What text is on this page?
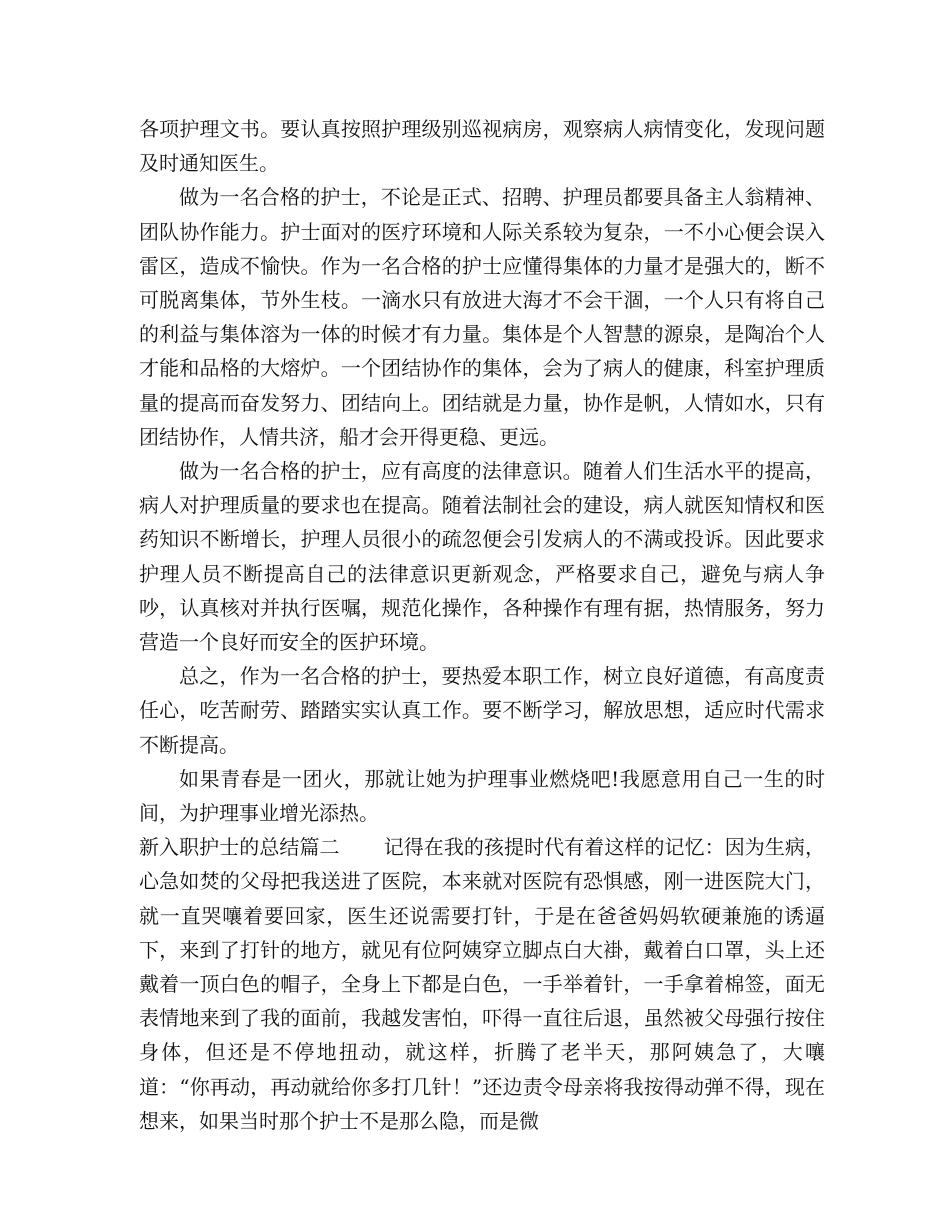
各项护理文书。要认真按照护理级别巡视病房，观察病人病情变化，发现问题及时通知医生。

做为一名合格的护士，不论是正式、招聘、护理员都要具备主人翁精神、团队协作能力。护士面对的医疗环境和人际关系较为复杂，一不小心便会误入雷区，造成不愉快。作为一名合格的护士应懂得集体的力量才是强大的，断不可脱离集体，节外生枝。一滴水只有放进大海才不会干涸，一个人只有将自己的利益与集体溶为一体的时候才有力量。集体是个人智慧的源泉，是陶冶个人才能和品格的大熔炉。一个团结协作的集体，会为了病人的健康，科室护理质量的提高而奋发努力、团结向上。团结就是力量，协作是帆，人情如水，只有团结协作，人情共济，船才会开得更稳、更远。

做为一名合格的护士，应有高度的法律意识。随着人们生活水平的提高，病人对护理质量的要求也在提高。随着法制社会的建设，病人就医知情权和医药知识不断增长，护理人员很小的疏忽便会引发病人的不满或投诉。因此要求护理人员不断提高自己的法律意识更新观念，严格要求自己，避免与病人争吵，认真核对并执行医嘱，规范化操作，各种操作有理有据，热情服务，努力营造一个良好而安全的医护环境。

总之，作为一名合格的护士，要热爱本职工作，树立良好道德，有高度责任心，吃苦耐劳、踏踏实实认真工作。要不断学习，解放思想，适应时代需求不断提高。

如果青春是一团火，那就让她为护理事业燃烧吧!我愿意用自己一生的时间，为护理事业增光添热。

新入职护士的总结篇二 记得在我的孩提时代有着这样的记忆：因为生病，心急如焚的父母把我送进了医院，本来就对医院有恐惧感，刚一进医院大门，就一直哭嚷着要回家，医生还说需要打针，于是在爸爸妈妈软硬兼施的诱逼下，来到了打针的地方，就见有位阿姨穿立脚点白大褂，戴着白口罩，头上还戴着一顶白色的帽子，全身上下都是白色，一手举着针，一手拿着棉签，面无表情地来到了我的面前，我越发害怕，吓得一直往后退，虽然被父母强行按住身体，但还是不停地扭动，就这样，折腾了老半天，那阿姨急了，大嚷道：“你再动，再动就给你多打几针！”还边责令母亲将我按得动弹不得，现在想来，如果当时那个护士不是那么隐，而是微
